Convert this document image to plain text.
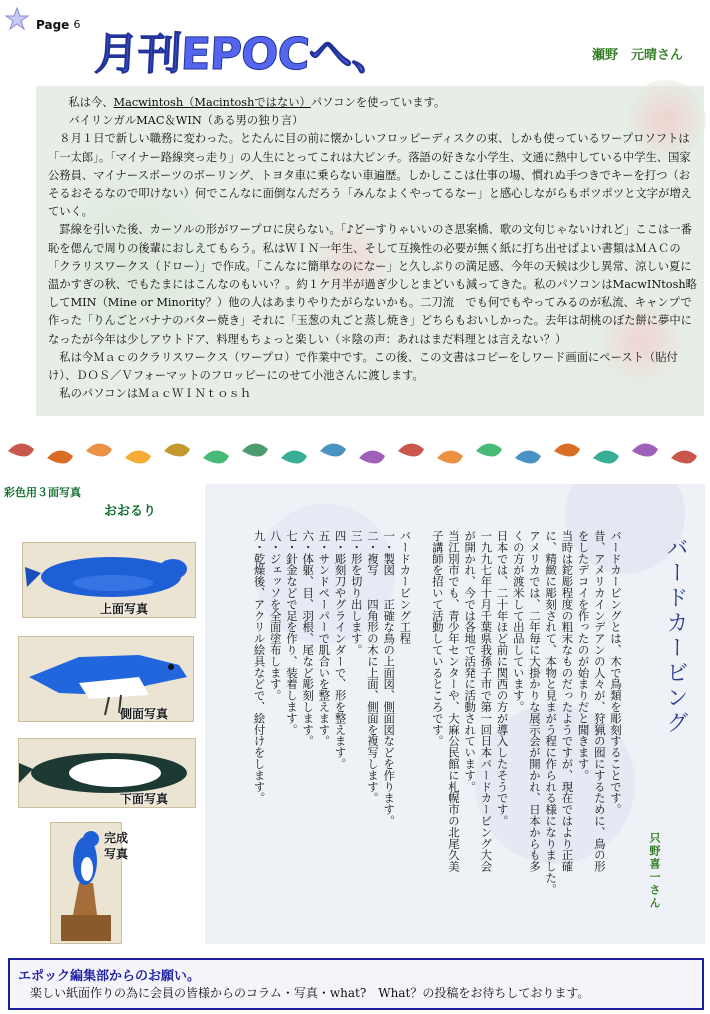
Page 6
月刊EPOCへ、	瀬野　元晴さん

私は今、Macwintosh（Macintoshではない）パソコンを使っています。

バイリンガルMAC＆WIN（ある男の独り言）

８月１日で新しい職務に変わった。とたんに目の前に懐かしいフロッピーディスクの束、しかも使っているワープロソフトは「一太郎」。「マイナー路線突っ走り」の人生にとってこれは大ピンチ。落語の好きな小学生、文通に熱中している中学生、国家公務員、マイナースポーツのボーリング、トヨタ車に乗らない車遍歴。しかしここは仕事の場、慣れぬ手つきでキーを打つ（おそるおそるなので叩けない）何でこんなに面倒なんだろう「みんなよくやってるなー」と感心しながらもポツポツと文字が増えていく。

罫線を引いた後、カーソルの形がワープロに戻らない。「♪どーすりゃいいのさ思案橋、歌の文句じゃないけれど」ここは一番恥を偲んで周りの後輩におしえてもらう。私はＷＩＮ一年生、そして互換性の必要が無く紙に打ち出せばよい書類はＭＡＣの「クラリスワークス（ドロー）」で作成。「こんなに簡単なのになー」と久しぶりの満足感、今年の天候は少し異常、涼しい夏に温かすぎの秋、でもたまにはこんなのもいい？。約１ケ月半が過ぎ少しとまどいも減ってきた。私のパソコンはMacwINtosh略してMIN（Mine or Minority？）他の人はあまりやりたがらないかも。二刀流　でも何でもやってみるのが私流、キャンプで作った「りんごとバナナのバター焼き」それに「玉葱の丸ごと蒸し焼き」どちらもおいしかった。去年は胡桃のぼた餅に夢中になったが今年は少しアウトドア、料理もちょっと楽しい（＊陰の声：あれはまだ料理とは言えない？）

私は今Ｍａｃのクラリスワークス（ワープロ）で作業中です。この後、この文書はコピーをしワード画面にペースト（貼付け）、ＤＯＳ／Ｖフォーマットのフロッピーにのせて小池さんに渡します。

私のパソコンはＭａｃＷＩＮｔｏｓｈ

彩色用３面写真
おおるり
上面写真
側面写真
下面写真
完成写真
バードカービング
只野喜一さん
バードカービングとは、木で鳥類を彫刻することです。
昔、アメリカインデアンの人々が、狩猟の囮にするために、鳥の形
をしたデコイを作ったのが始まりだと聞きます。
当時は鉈彫程度の粗末なものだったようですが、現在ではより正確
に、精緻に彫刻されて、本物と見まがう程に作られる様になりました。
アメリカでは、二年毎に大掛かりな展示会が開かれ、日本からも多
くの方が渡米して出品しています。
日本では、二十年ほど前に関西の方が導入したそうです。
一九九七年十月千葉県我孫子市で第一回日本バードカービング大会
が開かれ、今では各地で活発に活動されています。
当江別市でも、青少年センターや、大麻公民館に札幌市の北尾久美
子講師を招いて活動しているところです。

バードカービング工程
一・製図　　正確な鳥の上面図、側面図などを作ります。
二・複写　　四角形の木に上面、側面を複写します。
三・形を切り出します。
四・彫刻刀やグラインダーで、形を整えます。
五・サンドペーパーで肌合いを整えます。
六・体躯、目、羽根、尾など彫刻します。
七・針金などで足を作り、装着します。
八・ジェッソを全面塗布します。
九・乾燥後、アクリル絵具などで、絵付けをします。
エポック編集部からのお願い。
楽しい紙面作りの為に会員の皆様からのコラム・写真・what?　What？の投稿をお待ちしております。
